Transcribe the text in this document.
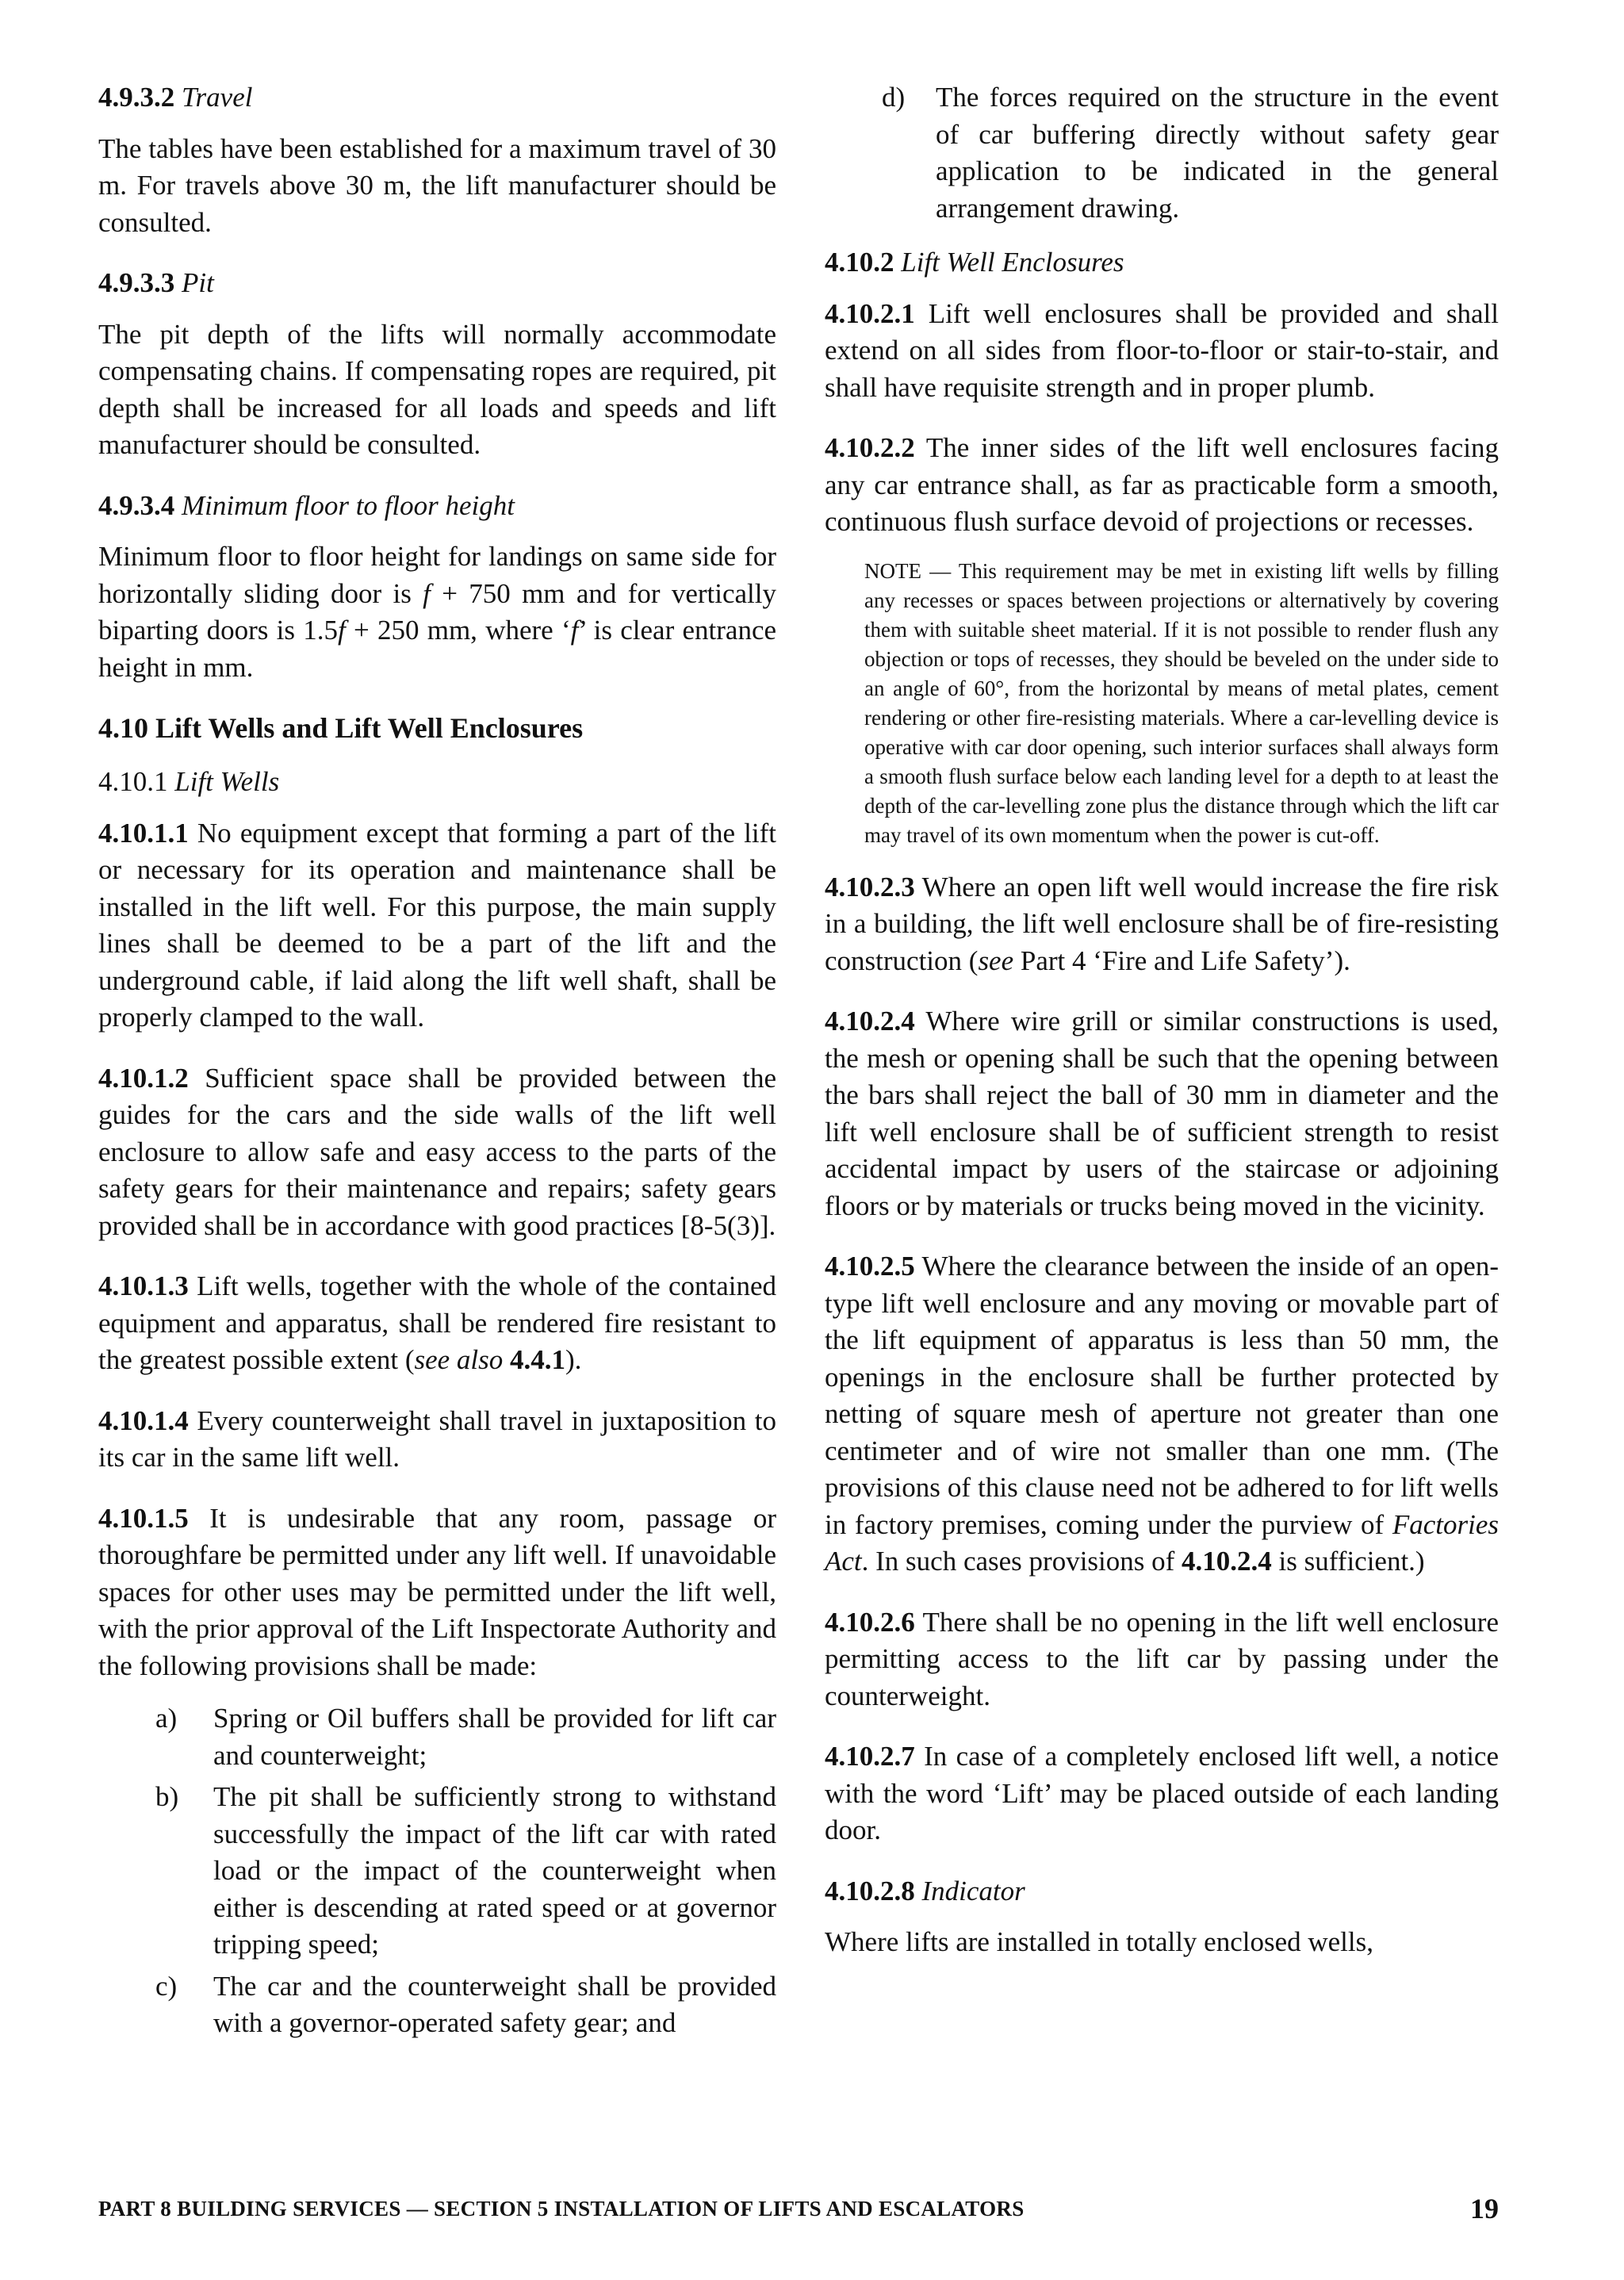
4.9.3.2 Travel

The tables have been established for a maximum travel of 30 m. For travels above 30 m, the lift manufacturer should be consulted.

4.9.3.3 Pit

The pit depth of the lifts will normally accommodate compensating chains. If compensating ropes are required, pit depth shall be increased for all loads and speeds and lift manufacturer should be consulted.

4.9.3.4 Minimum floor to floor height

Minimum floor to floor height for landings on same side for horizontally sliding door is f + 750 mm and for vertically biparting doors is 1.5f + 250 mm, where ‘f’ is clear entrance height in mm.

4.10 Lift Wells and Lift Well Enclosures

4.10.1 Lift Wells

4.10.1.1 No equipment except that forming a part of the lift or necessary for its operation and maintenance shall be installed in the lift well. For this purpose, the main supply lines shall be deemed to be a part of the lift and the underground cable, if laid along the lift well shaft, shall be properly clamped to the wall.

4.10.1.2 Sufficient space shall be provided between the guides for the cars and the side walls of the lift well enclosure to allow safe and easy access to the parts of the safety gears for their maintenance and repairs; safety gears provided shall be in accordance with good practices [8-5(3)].

4.10.1.3 Lift wells, together with the whole of the contained equipment and apparatus, shall be rendered fire resistant to the greatest possible extent (see also 4.4.1).

4.10.1.4 Every counterweight shall travel in juxtaposition to its car in the same lift well.

4.10.1.5 It is undesirable that any room, passage or thoroughfare be permitted under any lift well. If unavoidable spaces for other uses may be permitted under the lift well, with the prior approval of the Lift Inspectorate Authority and the following provisions shall be made:

a) Spring or Oil buffers shall be provided for lift car and counterweight;
b) The pit shall be sufficiently strong to withstand successfully the impact of the lift car with rated load or the impact of the counterweight when either is descending at rated speed or at governor tripping speed;
c) The car and the counterweight shall be provided with a governor-operated safety gear; and
d) The forces required on the structure in the event of car buffering directly without safety gear application to be indicated in the general arrangement drawing.

4.10.2 Lift Well Enclosures

4.10.2.1 Lift well enclosures shall be provided and shall extend on all sides from floor-to-floor or stair-to-stair, and shall have requisite strength and in proper plumb.

4.10.2.2 The inner sides of the lift well enclosures facing any car entrance shall, as far as practicable form a smooth, continuous flush surface devoid of projections or recesses.

NOTE — This requirement may be met in existing lift wells by filling any recesses or spaces between projections or alternatively by covering them with suitable sheet material. If it is not possible to render flush any objection or tops of recesses, they should be beveled on the under side to an angle of 60°, from the horizontal by means of metal plates, cement rendering or other fire-resisting materials. Where a car-levelling device is operative with car door opening, such interior surfaces shall always form a smooth flush surface below each landing level for a depth to at least the depth of the car-levelling zone plus the distance through which the lift car may travel of its own momentum when the power is cut-off.

4.10.2.3 Where an open lift well would increase the fire risk in a building, the lift well enclosure shall be of fire-resisting construction (see Part 4 ‘Fire and Life Safety’).

4.10.2.4 Where wire grill or similar constructions is used, the mesh or opening shall be such that the opening between the bars shall reject the ball of 30 mm in diameter and the lift well enclosure shall be of sufficient strength to resist accidental impact by users of the staircase or adjoining floors or by materials or trucks being moved in the vicinity.

4.10.2.5 Where the clearance between the inside of an open-type lift well enclosure and any moving or movable part of the lift equipment of apparatus is less than 50 mm, the openings in the enclosure shall be further protected by netting of square mesh of aperture not greater than one centimeter and of wire not smaller than one mm. (The provisions of this clause need not be adhered to for lift wells in factory premises, coming under the purview of Factories Act. In such cases provisions of 4.10.2.4 is sufficient.)

4.10.2.6 There shall be no opening in the lift well enclosure permitting access to the lift car by passing under the counterweight.

4.10.2.7 In case of a completely enclosed lift well, a notice with the word ‘Lift’ may be placed outside of each landing door.

4.10.2.8 Indicator

Where lifts are installed in totally enclosed wells,

PART 8 BUILDING SERVICES — SECTION 5 INSTALLATION OF LIFTS AND ESCALATORS	19
